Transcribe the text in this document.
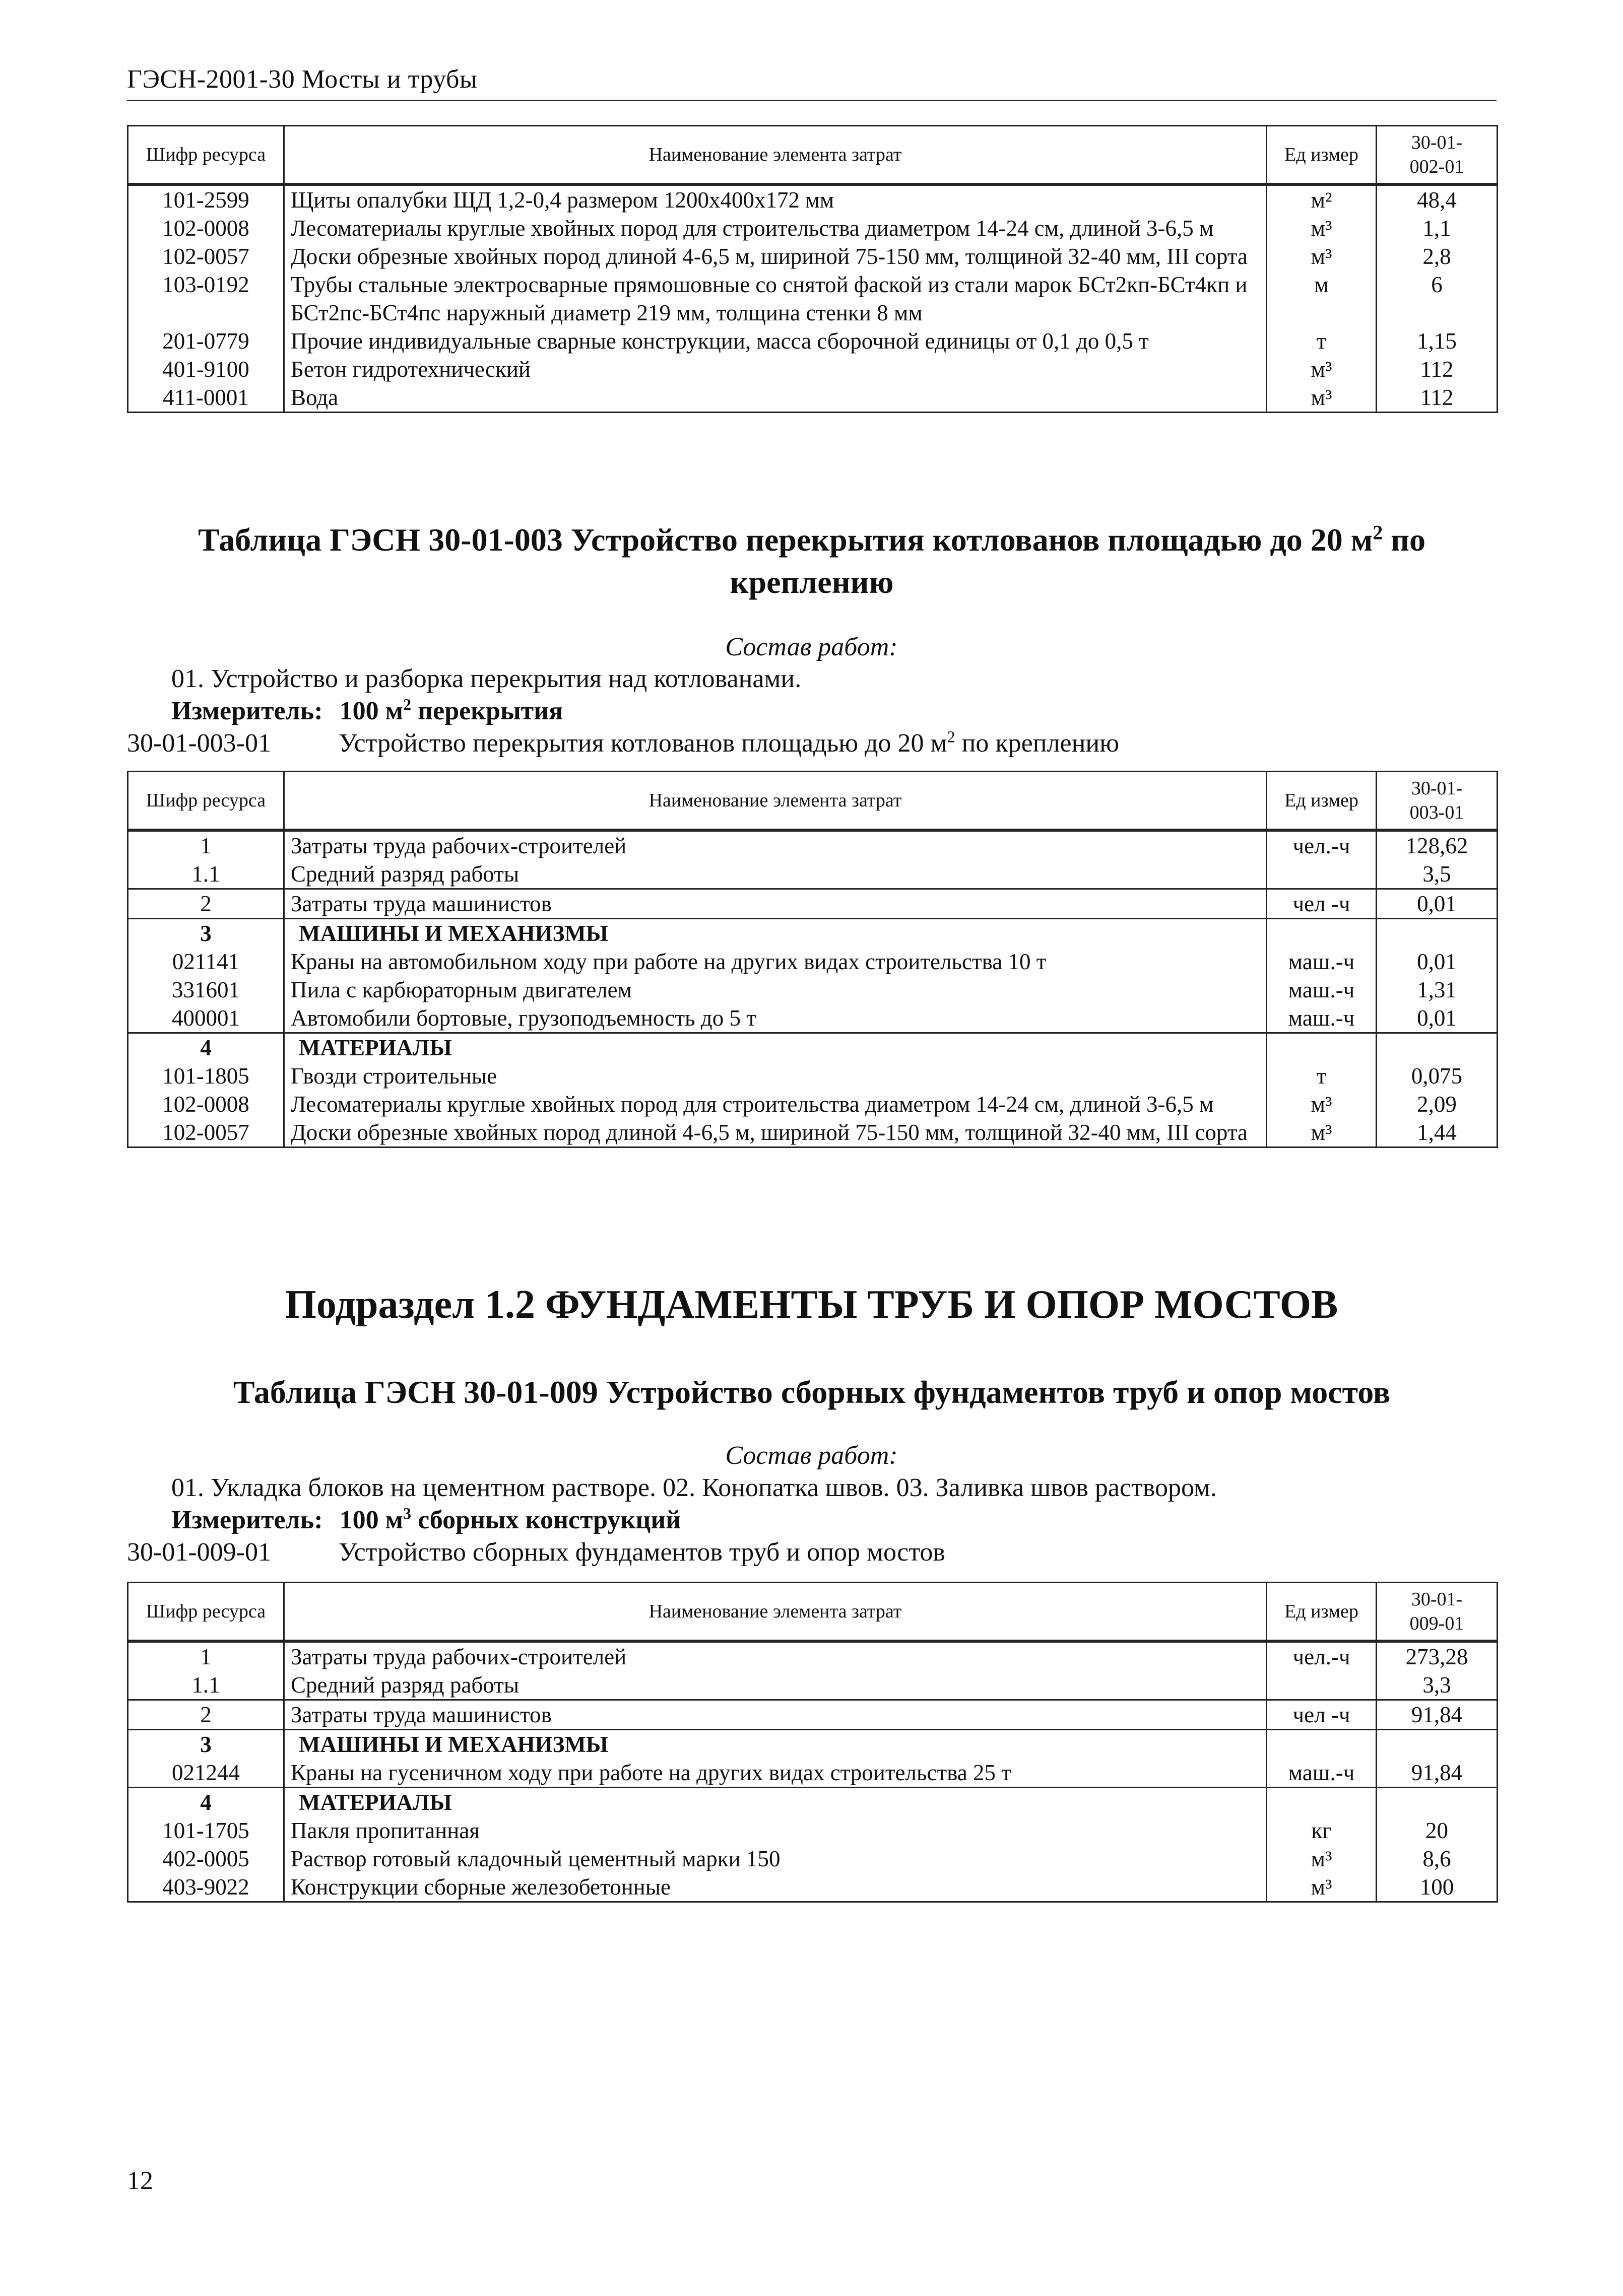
ГЭСН-2001-30 Мосты и трубы
Шифр ресурса	Наименование элемента затрат	Ед измер	30-01-002-01
101-2599	Щиты опалубки ЩД 1,2-0,4 размером 1200x400x172 мм	м²	48,4
102-0008	Лесоматериалы круглые хвойных пород для строительства диаметром 14-24 см, длиной 3-6,5 м	м³	1,1
102-0057	Доски обрезные хвойных пород длиной 4-6,5 м, шириной 75-150 мм, толщиной 32-40 мм, III сорта	м³	2,8
103-0192	Трубы стальные электросварные прямошовные со снятой фаской из стали марок БСт2кп-БСт4кп и БСт2пс-БСт4пс наружный диаметр 219 мм, толщина стенки 8 мм	м	6
201-0779	Прочие индивидуальные сварные конструкции, масса сборочной единицы от 0,1 до 0,5 т	т	1,15
401-9100	Бетон гидротехнический	м³	112
411-0001	Вода	м³	112
Таблица ГЭСН 30-01-003 Устройство перекрытия котлованов площадью до 20 $м^2$ по
креплению
Состав работ:
01. Устройство и разборка перекрытия над котлованами.
Измеритель: 100 $м^2$ перекрытия
30-01-003-01	Устройство перекрытия котлованов площадью до 20 $м^2$ по креплению
Шифр ресурса	Наименование элемента затрат	Ед измер	30-01-003-01
1	Затраты труда рабочих-строителей	чел.-ч	128,62
1.1	Средний разряд работы		3,5
2	Затраты труда машинистов	чел -ч	0,01
3	МАШИНЫ И МЕХАНИЗМЫ		
021141	Краны на автомобильном ходу при работе на других видах строительства 10 т	маш.-ч	0,01
331601	Пила с карбюраторным двигателем	маш.-ч	1,31
400001	Автомобили бортовые, грузоподъемность до 5 т	маш.-ч	0,01
4	МАТЕРИАЛЫ		
101-1805	Гвозди строительные	т	0,075
102-0008	Лесоматериалы круглые хвойных пород для строительства диаметром 14-24 см, длиной 3-6,5 м	м³	2,09
102-0057	Доски обрезные хвойных пород длиной 4-6,5 м, шириной 75-150 мм, толщиной 32-40 мм, III сорта	м³	1,44
Подраздел 1.2 ФУНДАМЕНТЫ ТРУБ И ОПОР МОСТОВ
Таблица ГЭСН 30-01-009 Устройство сборных фундаментов труб и опор мостов
Состав работ:
01. Укладка блоков на цементном растворе. 02. Конопатка швов. 03. Заливка швов раствором.
Измеритель: 100 $м^3$ сборных конструкций
30-01-009-01	Устройство сборных фундаментов труб и опор мостов
Шифр ресурса	Наименование элемента затрат	Ед измер	30-01-009-01
1	Затраты труда рабочих-строителей	чел.-ч	273,28
1.1	Средний разряд работы		3,3
2	Затраты труда машинистов	чел -ч	91,84
3	МАШИНЫ И МЕХАНИЗМЫ		
021244	Краны на гусеничном ходу при работе на других видах строительства 25 т	маш.-ч	91,84
4	МАТЕРИАЛЫ		
101-1705	Пакля пропитанная	кг	20
402-0005	Раствор готовый кладочный цементный марки 150	м³	8,6
403-9022	Конструкции сборные железобетонные	м³	100
12
